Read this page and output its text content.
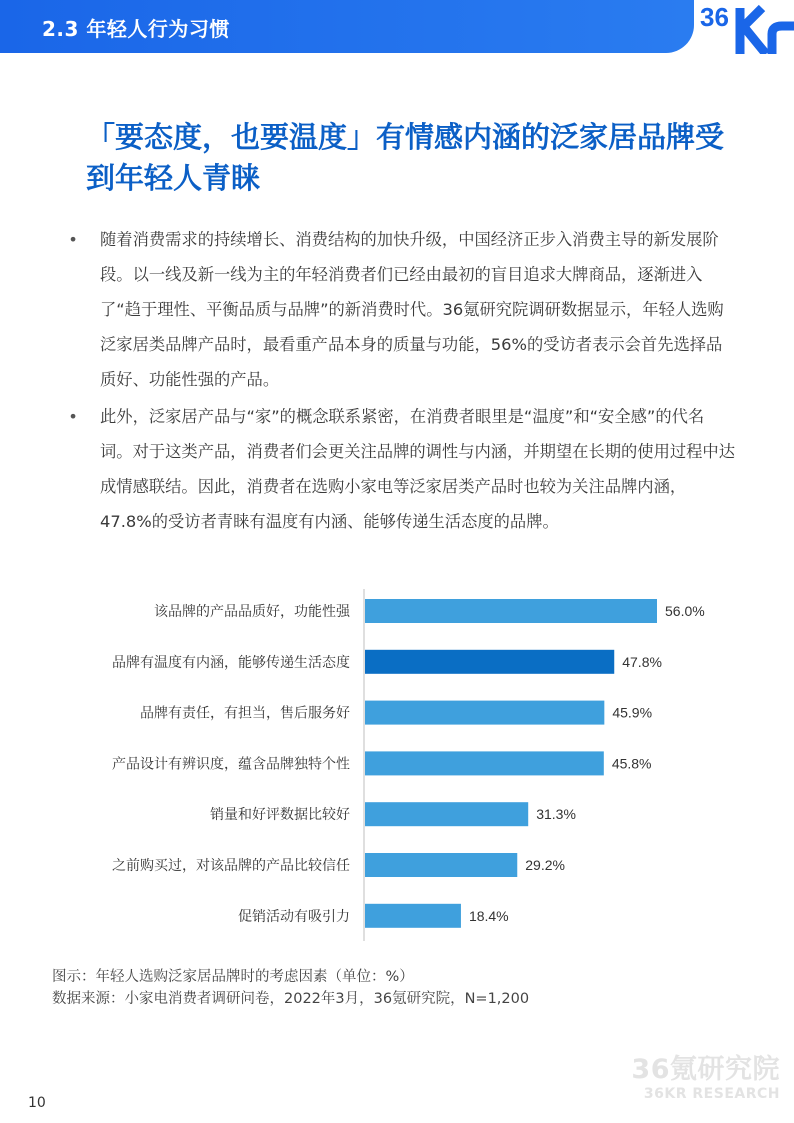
2.3 年轻人行为习惯	36
「要态度，也要温度」有情感内涵的泛家居品牌受到年轻人青睐
• 随着消费需求的持续增长、消费结构的加快升级，中国经济正步入消费主导的新发展阶段。以一线及新一线为主的年轻消费者们已经由最初的盲目追求大牌商品，逐渐进入了“趋于理性、平衡品质与品牌”的新消费时代。36氪研究院调研数据显示，年轻人选购泛家居类品牌产品时，最看重产品本身的质量与功能，56%的受访者表示会首先选择品质好、功能性强的产品。
• 此外，泛家居产品与“家”的概念联系紧密，在消费者眼里是“温度”和“安全感”的代名词。对于这类产品，消费者们会更关注品牌的调性与内涵，并期望在长期的使用过程中达成情感联结。因此，消费者在选购小家电等泛家居类产品时也较为关注品牌内涵，47.8%的受访者青睐有温度有内涵、能够传递生活态度的品牌。
该品牌的产品品质好，功能性强	56.0%
品牌有温度有内涵，能够传递生活态度	47.8%
品牌有责任，有担当，售后服务好	45.9%
产品设计有辨识度，蕴含品牌独特个性	45.8%
销量和好评数据比较好	31.3%
之前购买过，对该品牌的产品比较信任	29.2%
促销活动有吸引力	18.4%
图示：年轻人选购泛家居品牌时的考虑因素（单位：%）
数据来源：小家电消费者调研问卷，2022年3月，36氪研究院，N=1,200
36氪研究院
36KR RESEARCH
10
